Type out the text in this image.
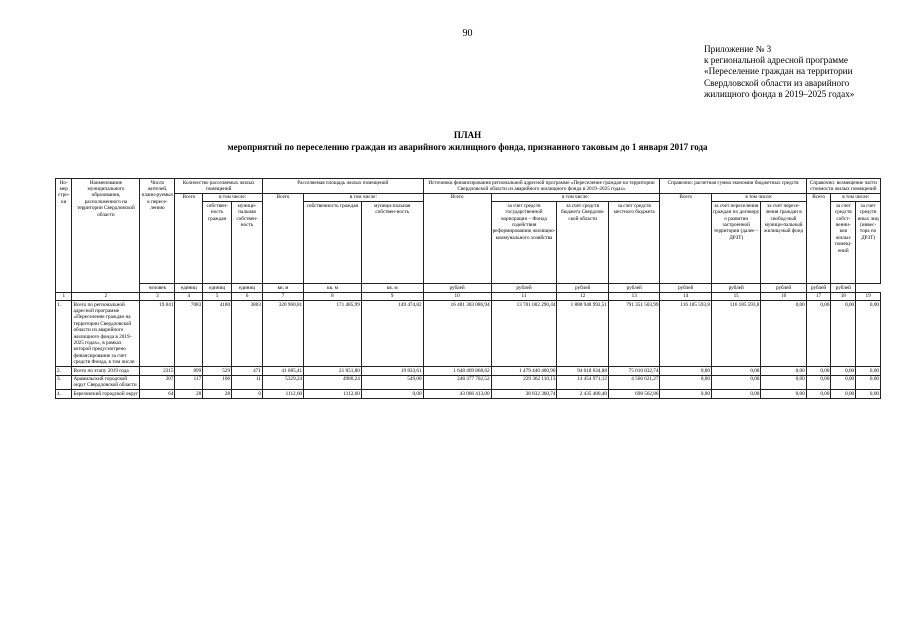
90
Приложение № 3
к региональной адресной программе
«Переселение граждан на территории
Свердловской области из аварийного
жилищного фонда в 2019–2025 годах»
ПЛАН
мероприятий по переселению граждан из аварийного жилищного фонда, признанного таковым до 1 января 2017 года
Но-мер стро-ки	Наименование муниципального образования, расположенного на территории Свердловской области	Число жителей, плани-руемых к пересе-лению	Количество расселяемых жилых помещений			Расселяемая площадь жилых помещений			Источники финансирования региональной адресной программе «Переселение граждан на территории Свердловской области из аварийного жилищного фонда в 2019–2025 годах»				Справочно: расчетная сумма экономии бюджетных средств			Справочно: возмещение части стоимости жилых помещений		
			Всего	в том числе:		Всего	в том числе:		Всего	в том числе:			Всего	в том числе:		Всего	в том числе:	
				собствен-ность граждан	муници-пальная собствен-ность		собственность граждан	муници-пальная собствен-ность		за счет средств государственной корпорации – Фонда содействия реформированию жилищно-коммунального хозяйства	за счет средств бюджета Свердлов-ской области	за счет средств местного бюджета		за счет переселения граждан по договору о развитии застроенной территории (далее – ДРЗТ)	за счет пересе-ления граждан в свобод-ный муници-пальный жилищ-ный фонд		за счет средств собст-венни-ков жилых помещ-ений	за счет средств иных лиц (инвес-тора по ДРЗТ)
		человек	единиц	единиц	единиц	кв. м	кв. м	кв. м	рублей	рублей	рублей	рублей	рублей	рублей	рублей	рублей	рублей	
1	2	3	4	5	6	7	8	9	10	11	12	13	14	15	16	17	18	19
1.	Всего по региональной адресной программе «Переселение граждан на территории Свердловской области из аварийного жилищного фонда в 2019–2025 годах», в рамках которой предусмотрено финансирование за счет средств Фонда, в том числе:	19 041	7083	4180	3803	320 960,81	171 485,99	149 474,82	16 481 303 086,94	13 701 002 290,44	1 888 948 992,51	791 351 503,99	116 185 593,8	116 185 593,8	0,00	0,00	0,00	0,00
2.	Всего по этапу 2019 года	2315	899	529	471	41 685,41	21 851,80	19 833,61	1 648 469 868,62	1 479 440 400,90	94 018 634,88	75 010 832,74	0,00	0,00	0,00	0,00	0,00	0,00
3.	Арамильский городской округ Свердловской области	207	117	106	11	5329,24	4980,24	549,00	248 377 702,52	229 362 110,13	14 454 971,12	4 560 621,27	0,00	0,00	0,00	0,00	0,00	0,00
4.	Березовский городской округ	64	28	28	0	1112,60	1112,60	0,00	43 066 413,00	38 832 360,74	2 435 480,40	698 562,86	0,00	0,00	0,00	0,00	0,00	0,00
